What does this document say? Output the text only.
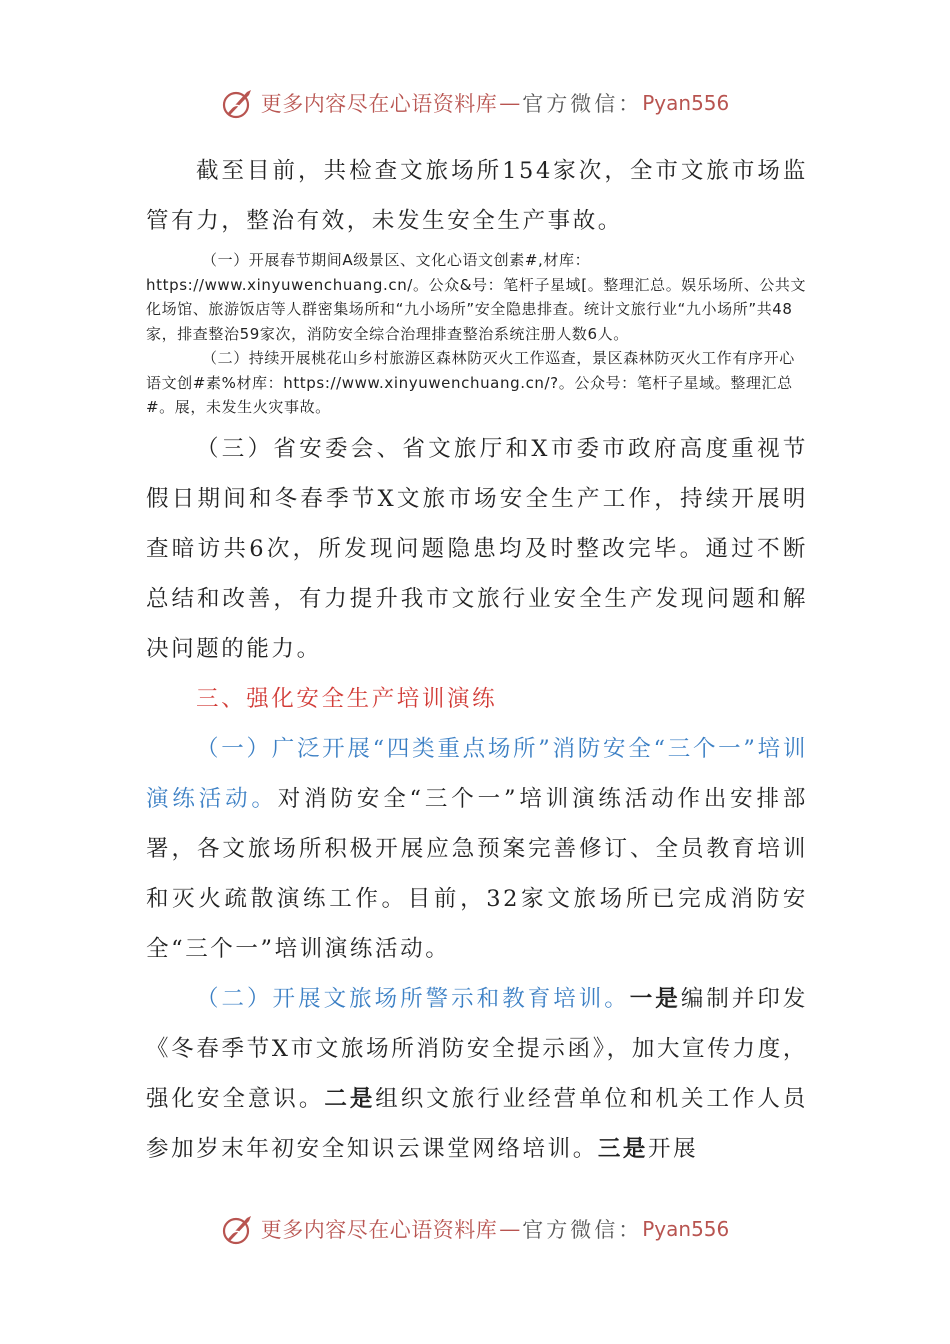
更多内容尽在心语资料库 — 官方微信： Pyan556

截至目前，共检查文旅场所154家次，全市文旅市场监管有力，整治有效，未发生安全生产事故。

（一）开展春节期间A级景区、文化心语文创素#,材库：https://www.xinyuwenchuang.cn/。公众&号：笔杆子星域[。整理汇总。娱乐场所、公共文化场馆、旅游饭店等人群密集场所和“九小场所”安全隐患排查。统计文旅行业“九小场所”共48家，排查整治59家次，消防安全综合治理排查整治系统注册人数6人。

（二）持续开展桃花山乡村旅游区森林防灭火工作巡查，景区森林防灭火工作有序开心语文创#素%材库：https://www.xinyuwenchuang.cn/?。公众号：笔杆子星域。整理汇总#。展，未发生火灾事故。

（三）省安委会、省文旅厅和X市委市政府高度重视节假日期间和冬春季节X文旅市场安全生产工作，持续开展明查暗访共6次，所发现问题隐患均及时整改完毕。通过不断总结和改善，有力提升我市文旅行业安全生产发现问题和解决问题的能力。

三、强化安全生产培训演练

（一）广泛开展“四类重点场所”消防安全“三个一”培训演练活动。对消防安全“三个一”培训演练活动作出安排部署，各文旅场所积极开展应急预案完善修订、全员教育培训和灭火疏散演练工作。目前，32家文旅场所已完成消防安全“三个一”培训演练活动。

（二）开展文旅场所警示和教育培训。一是编制并印发《冬春季节X市文旅场所消防安全提示函》，加大宣传力度，强化安全意识。二是组织文旅行业经营单位和机关工作人员参加岁末年初安全知识云课堂网络培训。三是开展

更多内容尽在心语资料库 — 官方微信： Pyan556
